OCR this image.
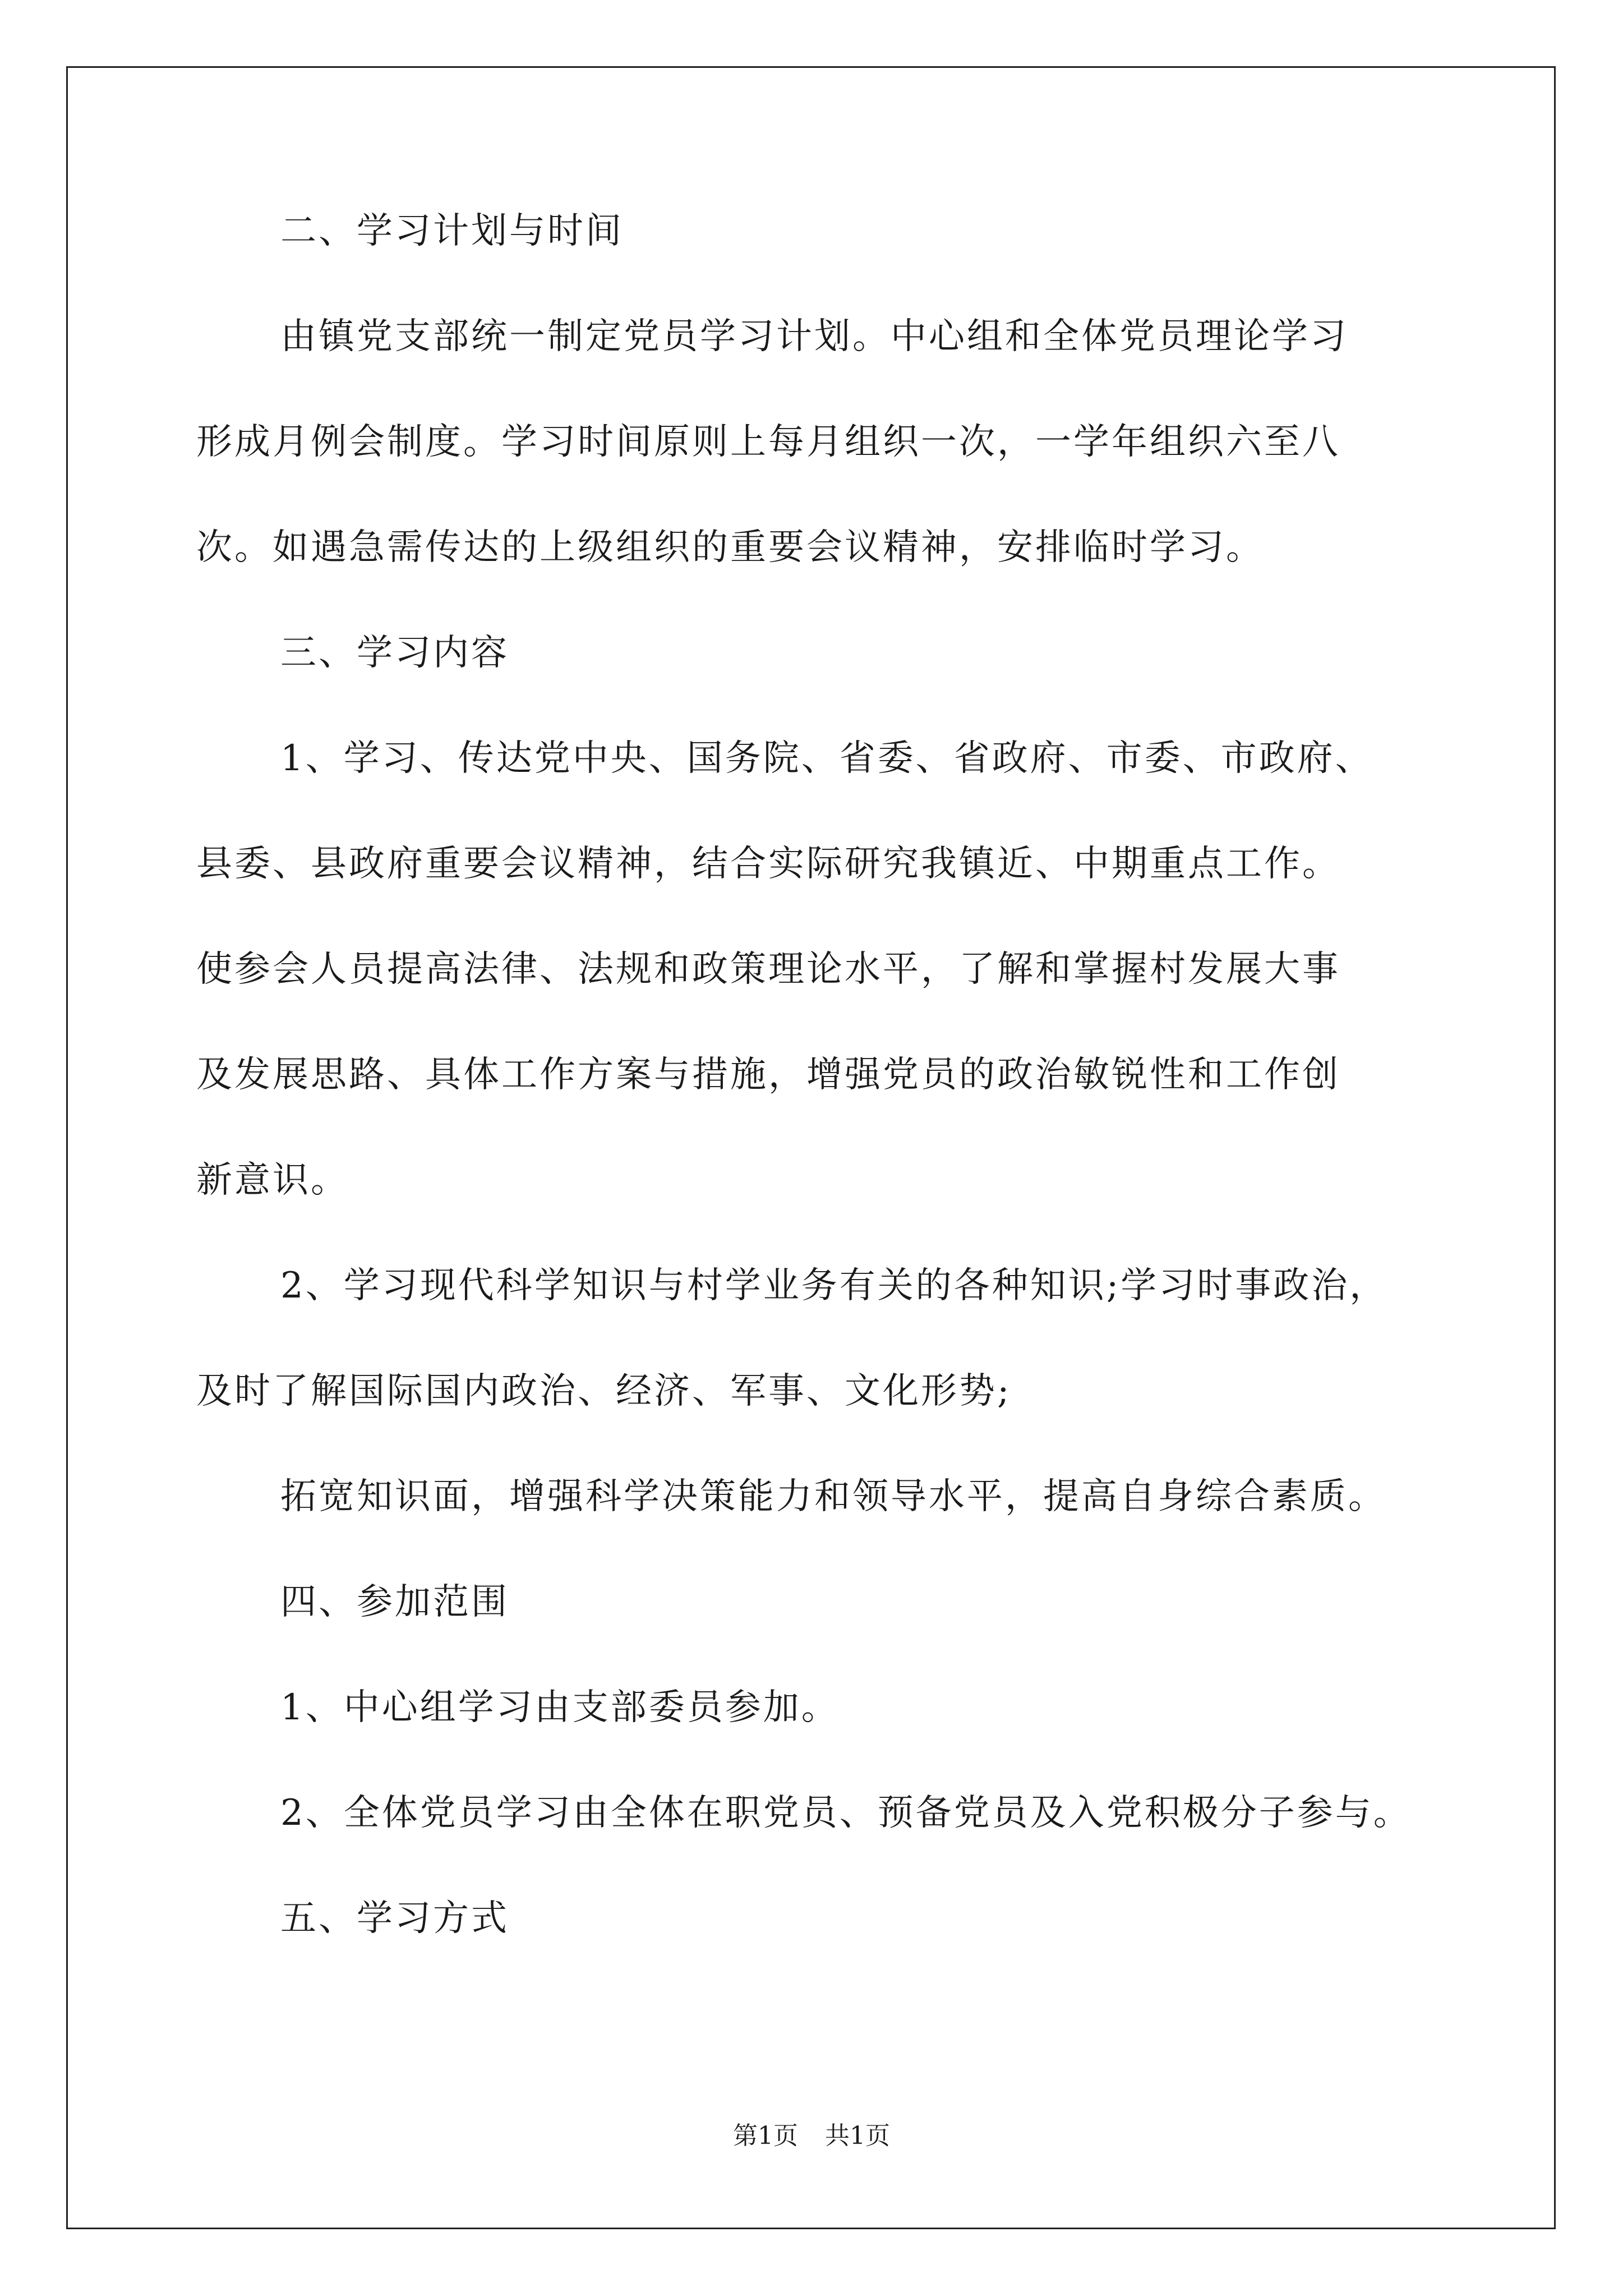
二、学习计划与时间
由镇党支部统一制定党员学习计划。中心组和全体党员理论学习
形成月例会制度。学习时间原则上每月组织一次，一学年组织六至八
次。如遇急需传达的上级组织的重要会议精神，安排临时学习。
三、学习内容
1、学习、传达党中央、国务院、省委、省政府、市委、市政府、
县委、县政府重要会议精神，结合实际研究我镇近、中期重点工作。
使参会人员提高法律、法规和政策理论水平，了解和掌握村发展大事
及发展思路、具体工作方案与措施，增强党员的政治敏锐性和工作创
新意识。
2、学习现代科学知识与村学业务有关的各种知识;学习时事政治，
及时了解国际国内政治、经济、军事、文化形势;
拓宽知识面，增强科学决策能力和领导水平，提高自身综合素质。
四、参加范围
1、中心组学习由支部委员参加。
2、全体党员学习由全体在职党员、预备党员及入党积极分子参与。
五、学习方式
第1页 共1页
